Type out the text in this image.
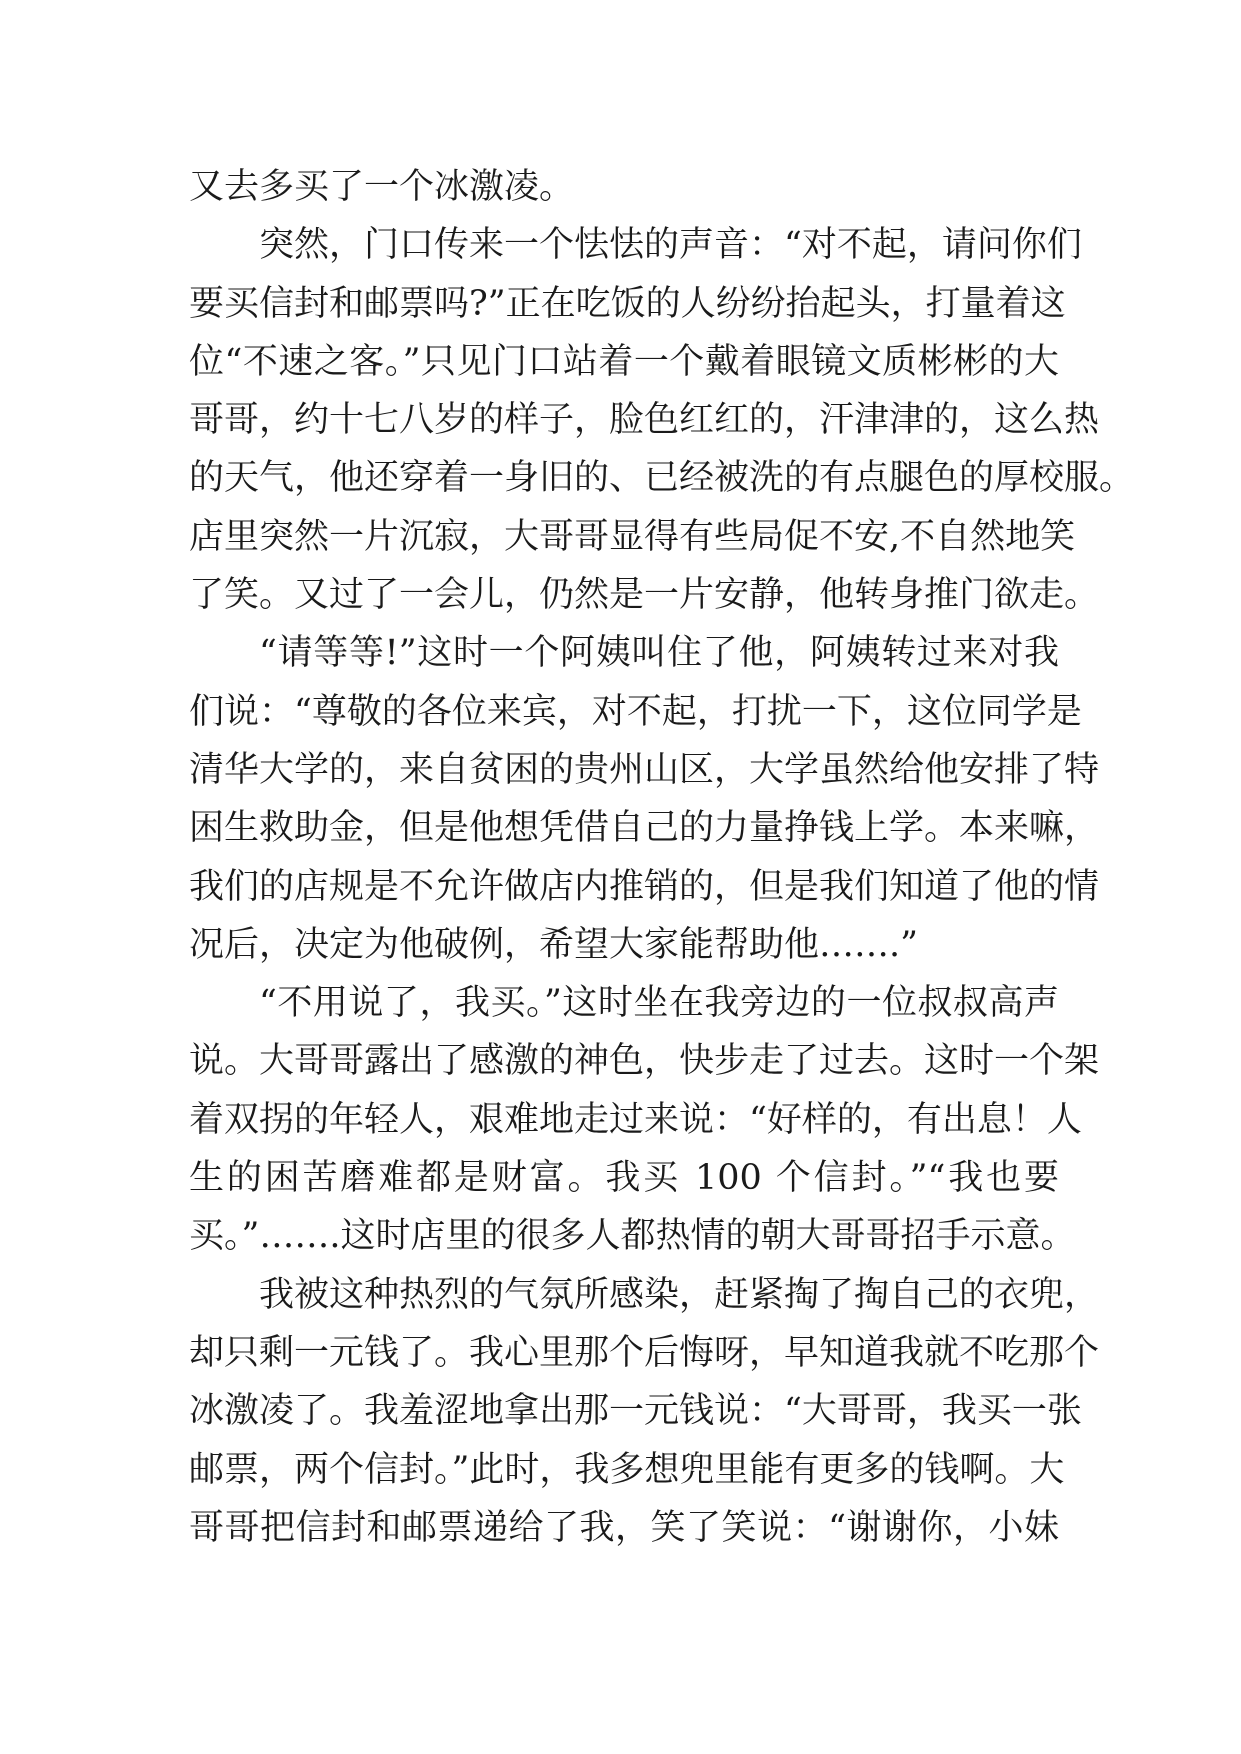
又去多买了一个冰激凌。
突然，门口传来一个怯怯的声音：“对不起，请问你们
要买信封和邮票吗?”正在吃饭的人纷纷抬起头，打量着这
位“不速之客。”只见门口站着一个戴着眼镜文质彬彬的大
哥哥，约十七八岁的样子，脸色红红的，汗津津的，这么热
的天气，他还穿着一身旧的、已经被洗的有点腿色的厚校服。
店里突然一片沉寂，大哥哥显得有些局促不安,不自然地笑
了笑。又过了一会儿，仍然是一片安静，他转身推门欲走。
“请等等!”这时一个阿姨叫住了他，阿姨转过来对我
们说：“尊敬的各位来宾，对不起，打扰一下，这位同学是
清华大学的，来自贫困的贵州山区，大学虽然给他安排了特
困生救助金，但是他想凭借自己的力量挣钱上学。本来嘛，
我们的店规是不允许做店内推销的，但是我们知道了他的情
况后，决定为他破例，希望大家能帮助他…….”
“不用说了，我买。”这时坐在我旁边的一位叔叔高声
说。大哥哥露出了感激的神色，快步走了过去。这时一个架
着双拐的年轻人，艰难地走过来说：“好样的，有出息！人
生的困苦磨难都是财富。我买 100 个信封。”“我也要
买。”…….这时店里的很多人都热情的朝大哥哥招手示意。
我被这种热烈的气氛所感染，赶紧掏了掏自己的衣兜，
却只剩一元钱了。我心里那个后悔呀，早知道我就不吃那个
冰激凌了。我羞涩地拿出那一元钱说：“大哥哥，我买一张
邮票，两个信封。”此时，我多想兜里能有更多的钱啊。大
哥哥把信封和邮票递给了我，笑了笑说：“谢谢你，小妹
